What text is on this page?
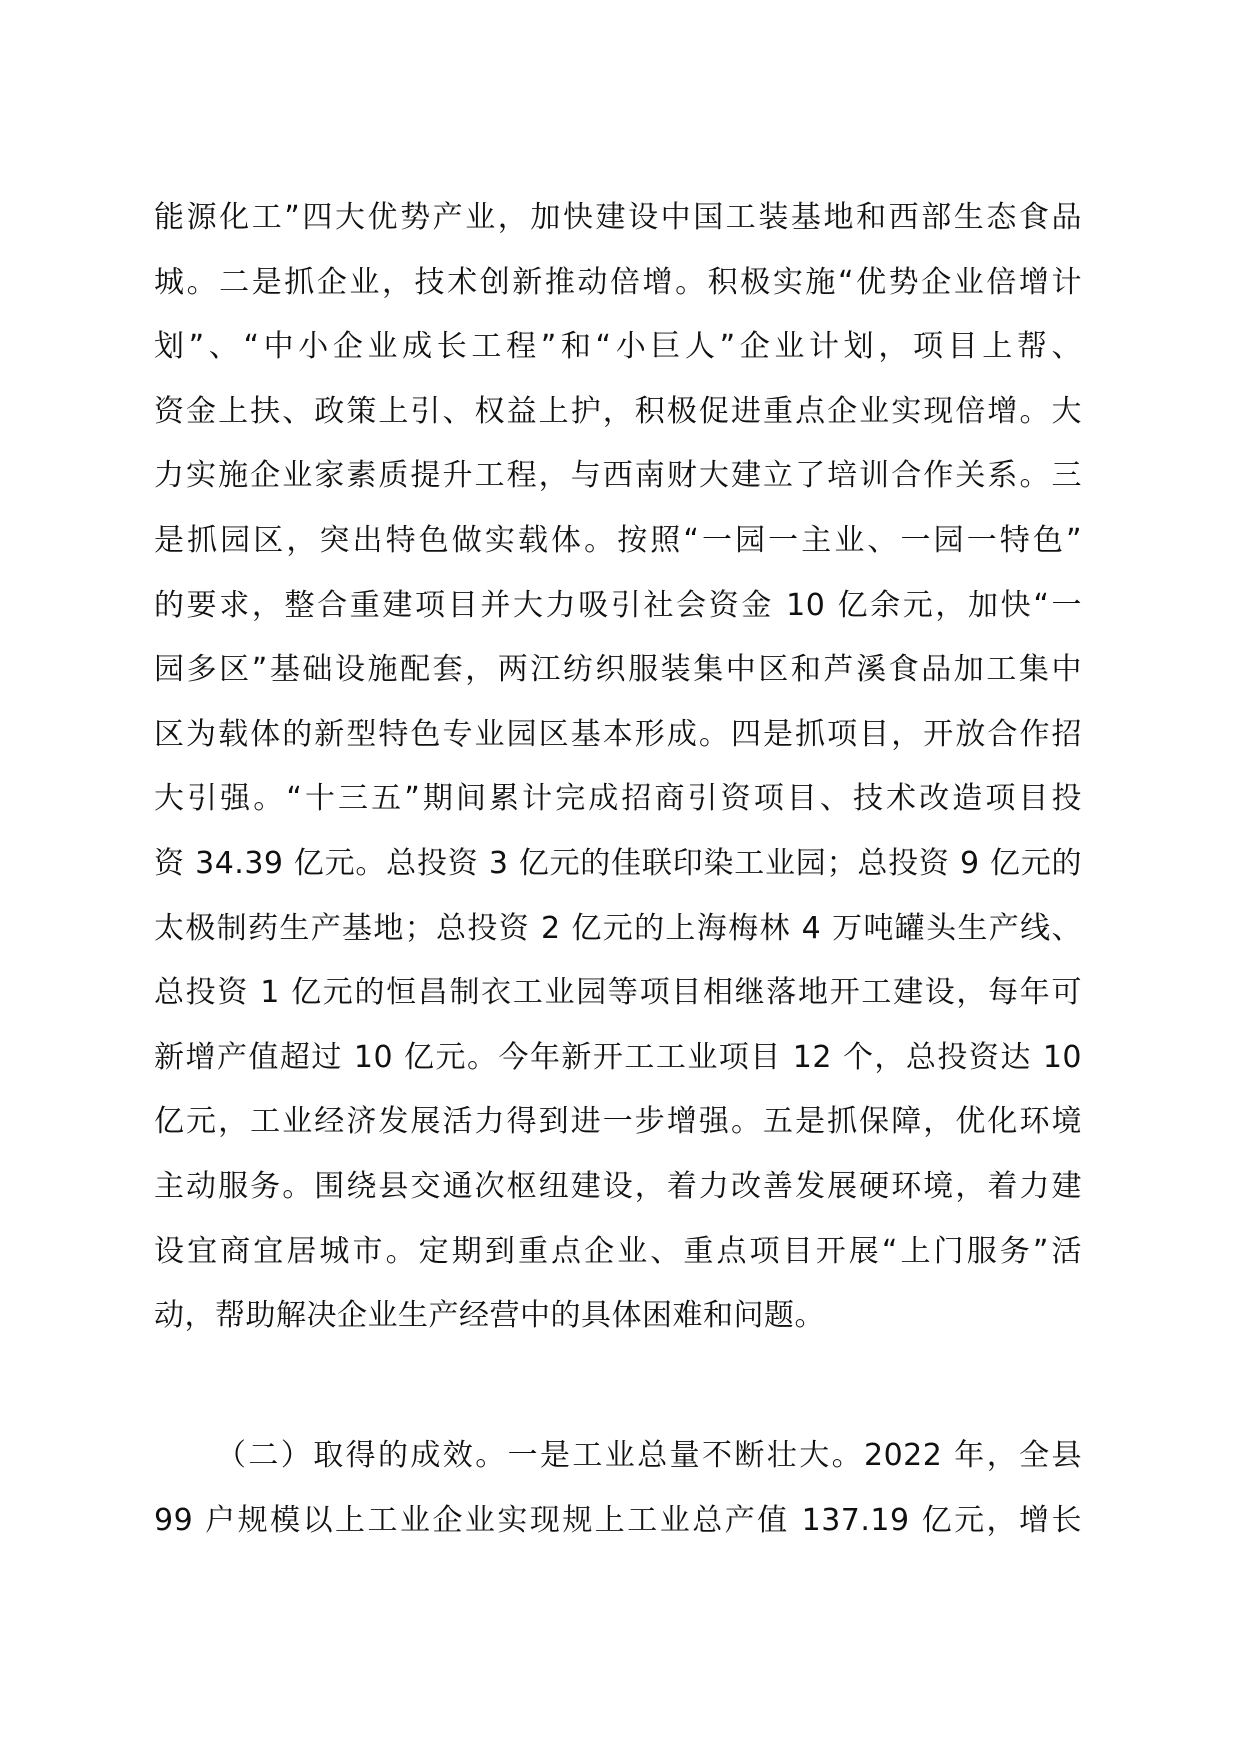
能源化工”四大优势产业，加快建设中国工装基地和西部生态食品
城。二是抓企业，技术创新推动倍增。积极实施“优势企业倍增计
划”、“中小企业成长工程”和“小巨人”企业计划，项目上帮、
资金上扶、政策上引、权益上护，积极促进重点企业实现倍增。大
力实施企业家素质提升工程，与西南财大建立了培训合作关系。三
是抓园区，突出特色做实载体。按照“一园一主业、一园一特色”
的要求，整合重建项目并大力吸引社会资金 10 亿余元，加快“一
园多区”基础设施配套，两江纺织服装集中区和芦溪食品加工集中
区为载体的新型特色专业园区基本形成。四是抓项目，开放合作招
大引强。“十三五”期间累计完成招商引资项目、技术改造项目投
资 34.39 亿元。总投资 3 亿元的佳联印染工业园；总投资 9 亿元的
太极制药生产基地；总投资 2 亿元的上海梅林 4 万吨罐头生产线、
总投资 1 亿元的恒昌制衣工业园等项目相继落地开工建设，每年可
新增产值超过 10 亿元。今年新开工工业项目 12 个，总投资达 10
亿元，工业经济发展活力得到进一步增强。五是抓保障，优化环境
主动服务。围绕县交通次枢纽建设，着力改善发展硬环境，着力建
设宜商宜居城市。定期到重点企业、重点项目开展“上门服务”活
动，帮助解决企业生产经营中的具体困难和问题。
（二）取得的成效。一是工业总量不断壮大。2022 年，全县
99 户规模以上工业企业实现规上工业总产值 137.19 亿元，增长
